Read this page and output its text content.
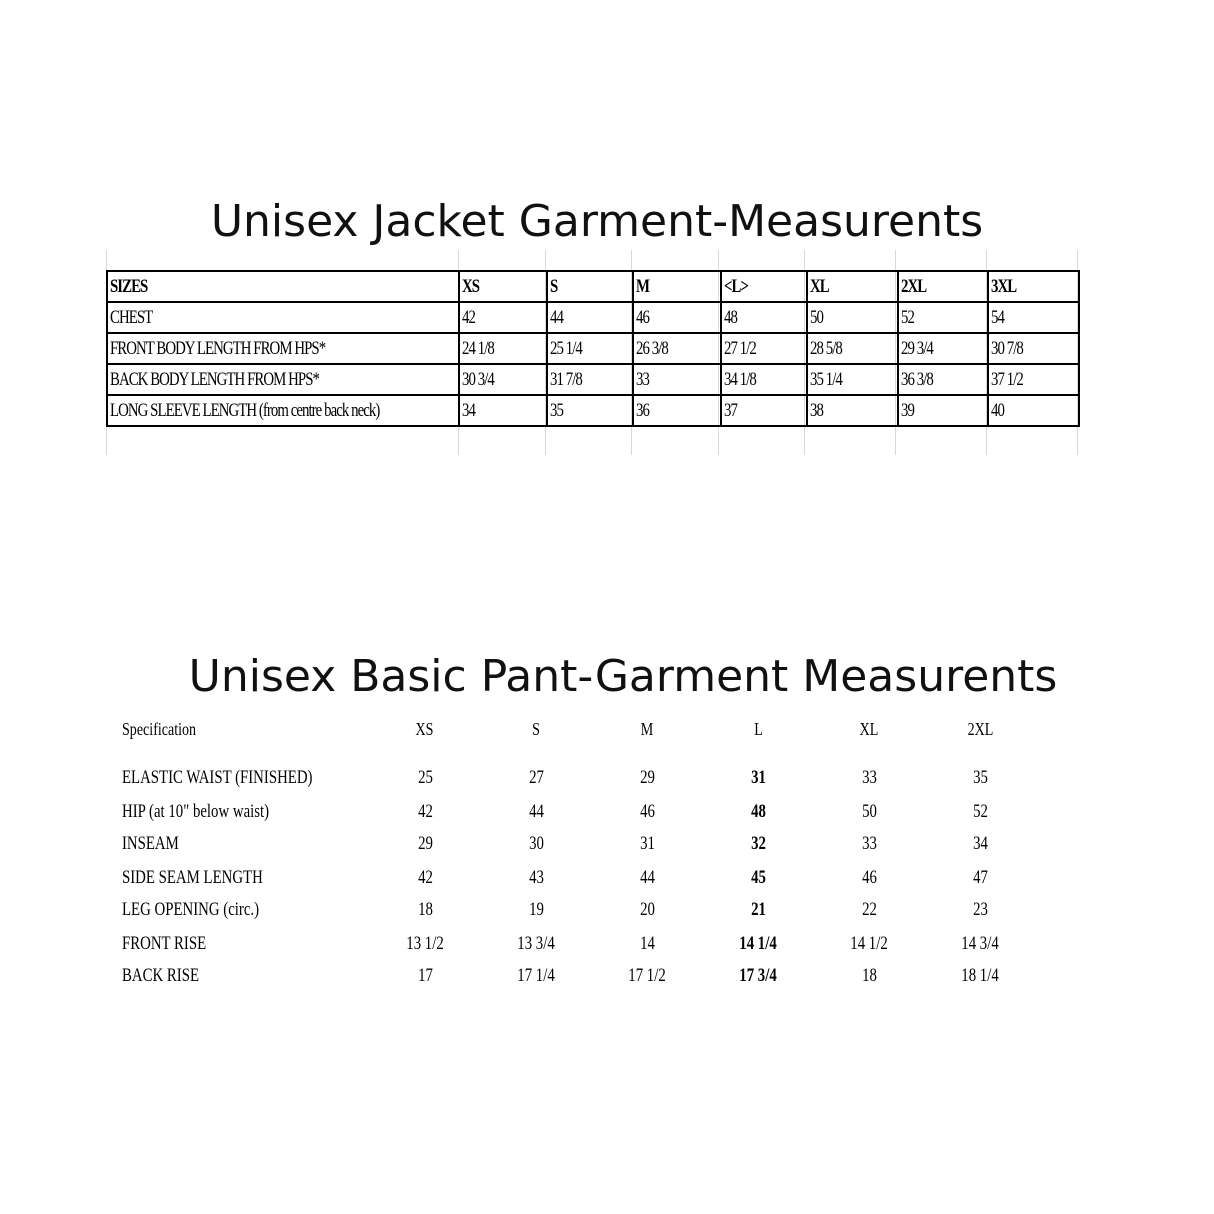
Unisex Jacket Garment-Measurents
SIZES	XS	S	M	<L>	XL	2XL	3XL
CHEST	42	44	46	48	50	52	54
FRONT BODY LENGTH FROM HPS*	24 1/8	25 1/4	26 3/8	27 1/2	28 5/8	29 3/4	30 7/8
BACK BODY LENGTH FROM HPS*	30 3/4	31 7/8	33	34 1/8	35 1/4	36 3/8	37 1/2
LONG SLEEVE LENGTH (from centre back neck)	34	35	36	37	38	39	40
Unisex Basic Pant-Garment Measurents
Specification	XS	S	M	L	XL	2XL
ELASTIC WAIST (FINISHED)	25	27	29	31	33	35
HIP (at 10" below waist)	42	44	46	48	50	52
INSEAM	29	30	31	32	33	34
SIDE SEAM LENGTH	42	43	44	45	46	47
LEG OPENING (circ.)	18	19	20	21	22	23
FRONT RISE	13 1/2	13 3/4	14	14 1/4	14 1/2	14 3/4
BACK RISE	17	17 1/4	17 1/2	17 3/4	18	18 1/4
